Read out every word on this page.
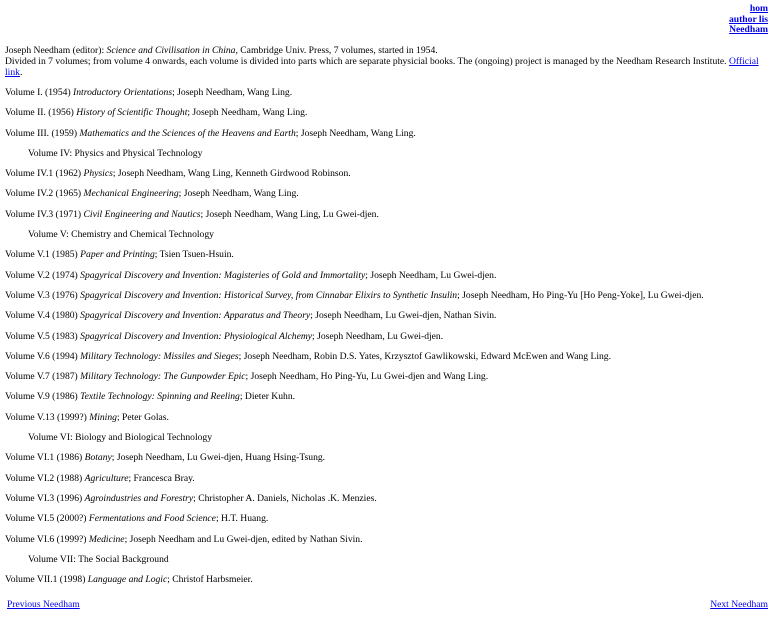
hom
author lis
Needham
Joseph Needham (editor): Science and Civilisation in China, Cambridge Univ. Press, 7 volumes, started in 1954.
Divided in 7 volumes; from volume 4 onwards, each volume is divided into parts which are separate physicial books. The (ongoing) project is managed by the Needham Research Institute. Official link.
Volume I. (1954) Introductory Orientations; Joseph Needham, Wang Ling.
Volume II. (1956) History of Scientific Thought; Joseph Needham, Wang Ling.
Volume III. (1959) Mathematics and the Sciences of the Heavens and Earth; Joseph Needham, Wang Ling.
Volume IV: Physics and Physical Technology
Volume IV.1 (1962) Physics; Joseph Needham, Wang Ling, Kenneth Girdwood Robinson.
Volume IV.2 (1965) Mechanical Engineering; Joseph Needham, Wang Ling.
Volume IV.3 (1971) Civil Engineering and Nautics; Joseph Needham, Wang Ling, Lu Gwei-djen.
Volume V: Chemistry and Chemical Technology
Volume V.1 (1985) Paper and Printing; Tsien Tsuen-Hsuin.
Volume V.2 (1974) Spagyrical Discovery and Invention: Magisteries of Gold and Immortality; Joseph Needham, Lu Gwei-djen.
Volume V.3 (1976) Spagyrical Discovery and Invention: Historical Survey, from Cinnabar Elixirs to Synthetic Insulin; Joseph Needham, Ho Ping-Yu [Ho Peng-Yoke], Lu Gwei-djen.
Volume V.4 (1980) Spagyrical Discovery and Invention: Apparatus and Theory; Joseph Needham, Lu Gwei-djen, Nathan Sivin.
Volume V.5 (1983) Spagyrical Discovery and Invention: Physiological Alchemy; Joseph Needham, Lu Gwei-djen.
Volume V.6 (1994) Military Technology: Missiles and Sieges; Joseph Needham, Robin D.S. Yates, Krzysztof Gawlikowski, Edward McEwen and Wang Ling.
Volume V.7 (1987) Military Technology: The Gunpowder Epic; Joseph Needham, Ho Ping-Yu, Lu Gwei-djen and Wang Ling.
Volume V.9 (1986) Textile Technology: Spinning and Reeling; Dieter Kuhn.
Volume V.13 (1999?) Mining; Peter Golas.
Volume VI: Biology and Biological Technology
Volume VI.1 (1986) Botany; Joseph Needham, Lu Gwei-djen, Huang Hsing-Tsung.
Volume VI.2 (1988) Agriculture; Francesca Bray.
Volume VI.3 (1996) Agroindustries and Forestry; Christopher A. Daniels, Nicholas .K. Menzies.
Volume VI.5 (2000?) Fermentations and Food Science; H.T. Huang.
Volume VI.6 (1999?) Medicine; Joseph Needham and Lu Gwei-djen, edited by Nathan Sivin.
Volume VII: The Social Background
Volume VII.1 (1998) Language and Logic; Christof Harbsmeier.
Previous Needham	Next Needham
